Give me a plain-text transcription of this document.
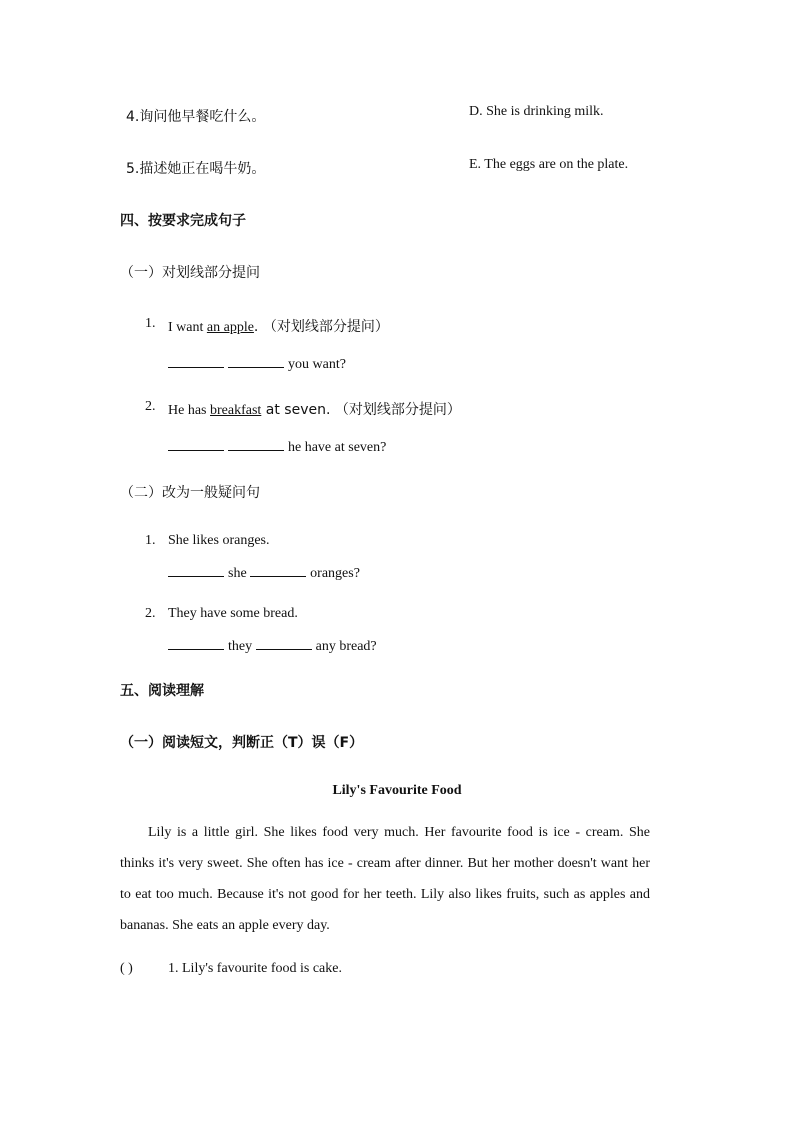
4.询问他早餐吃什么。	D. She is drinking milk.
5.描述她正在喝牛奶。	E. The eggs are on the plate.
四、按要求完成句子
（一）对划线部分提问
1. I want an apple. （对划线部分提问）
you want?
2. He has breakfast at seven. （对划线部分提问）
he have at seven?
（二）改为一般疑问句
1. She likes oranges.
she	oranges?
2. They have some bread.
they	any bread?
五、阅读理解
（一）阅读短文，判断正（T）误（F）
Lily's Favourite Food
Lily is a little girl. She likes food very much. Her favourite food is ice - cream. She thinks it's very sweet. She often has ice - cream after dinner. But her mother doesn't want her to eat too much. Because it's not good for her teeth. Lily also likes fruits, such as apples and bananas. She eats an apple every day.
( )	1. Lily's favourite food is cake.
